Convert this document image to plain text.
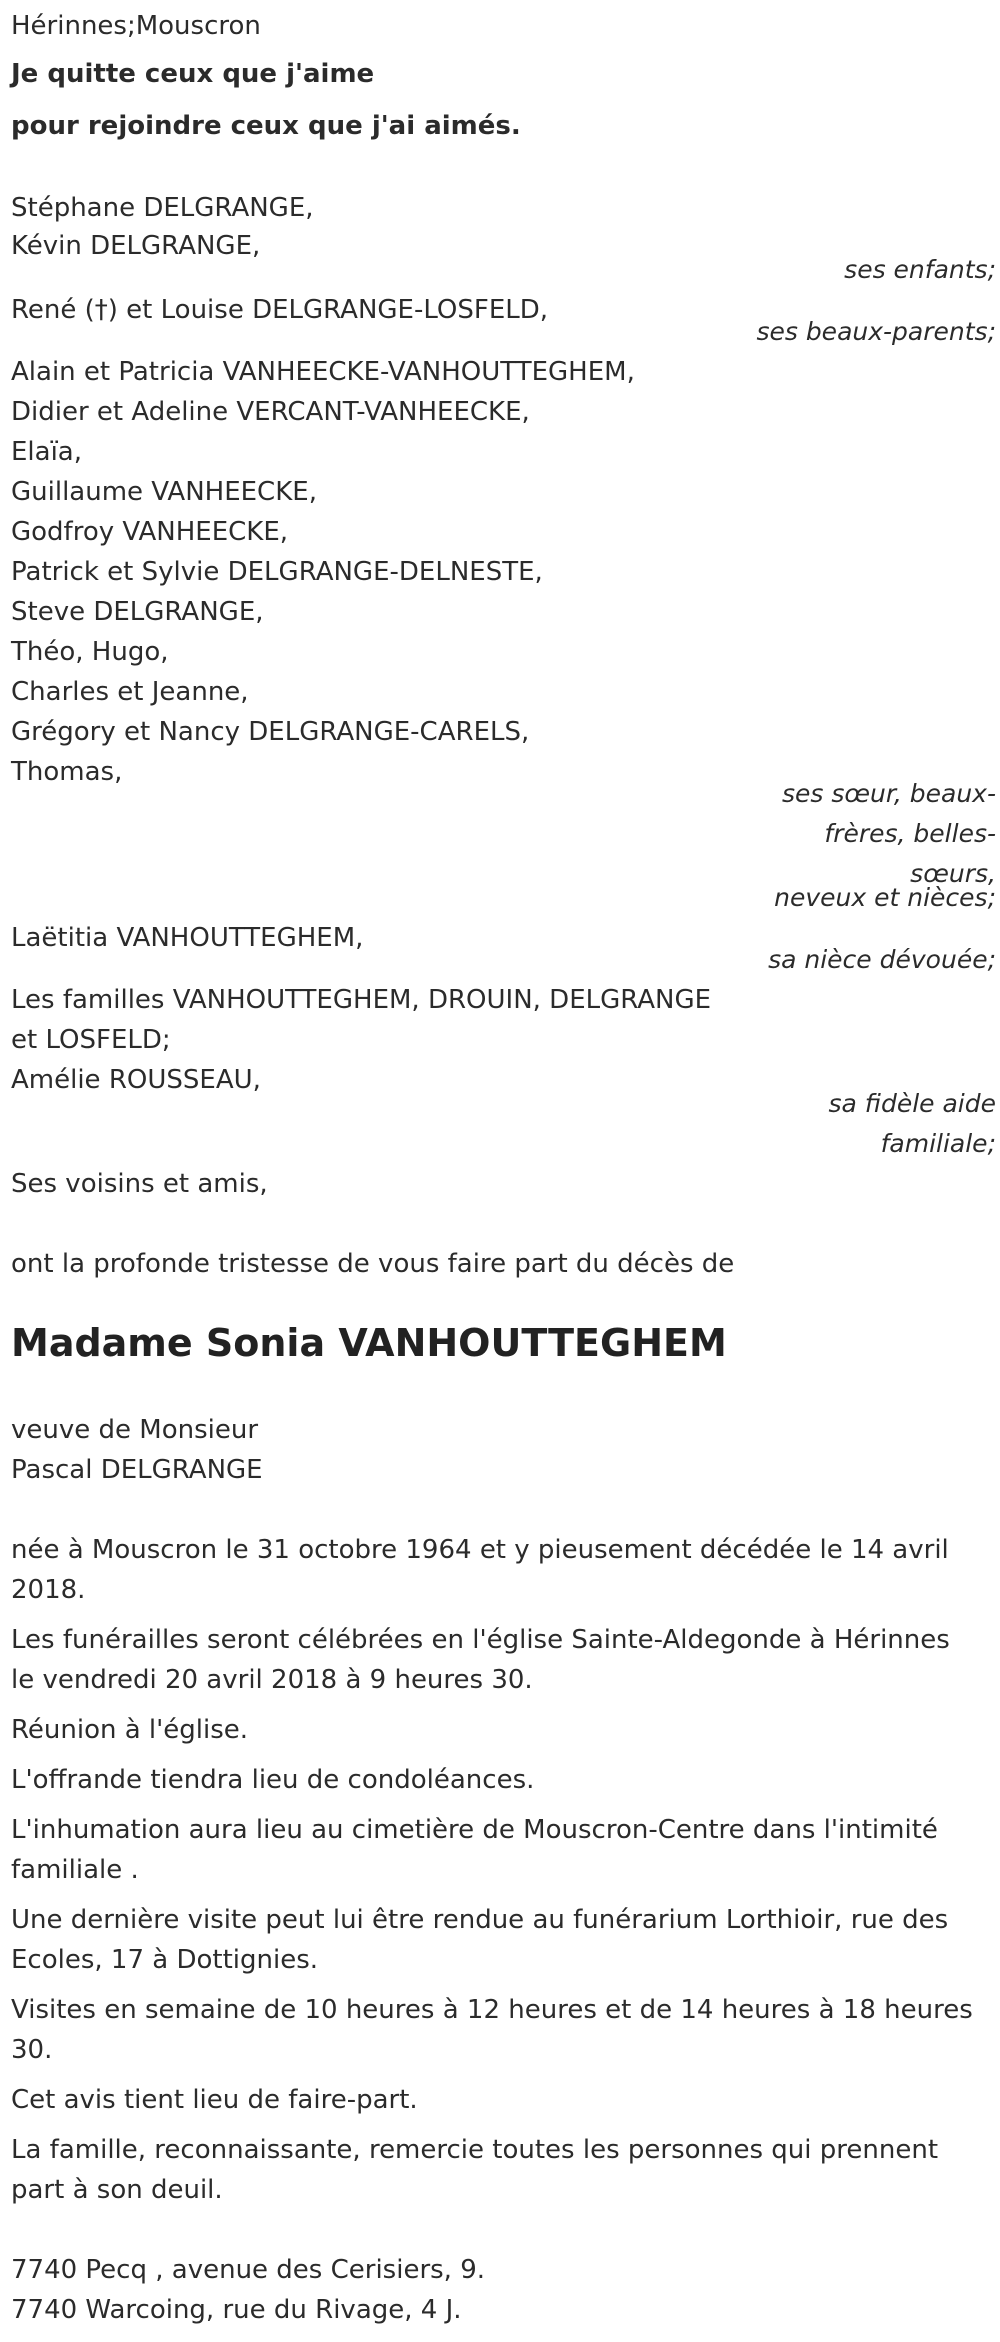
Hérinnes;Mouscron
Je quitte ceux que j'aime
pour rejoindre ceux que j'ai aimés.
Stéphane DELGRANGE,
Kévin DELGRANGE,
ses enfants;
René (†) et Louise DELGRANGE-LOSFELD,
ses beaux-parents;
Alain et Patricia VANHEECKE-VANHOUTTEGHEM,
Didier et Adeline VERCANT-VANHEECKE,
Elaïa,
Guillaume VANHEECKE,
Godfroy VANHEECKE,
Patrick et Sylvie DELGRANGE-DELNESTE,
Steve DELGRANGE,
Théo, Hugo,
Charles et Jeanne,
Grégory et Nancy DELGRANGE-CARELS,
Thomas,
ses sœur, beaux-
frères, belles-
sœurs,
neveux et nièces;
Laëtitia VANHOUTTEGHEM,
sa nièce dévouée;
Les familles VANHOUTTEGHEM, DROUIN, DELGRANGE
et LOSFELD;
Amélie ROUSSEAU,
sa fidèle aide
familiale;
Ses voisins et amis,
ont la profonde tristesse de vous faire part du décès de
Madame Sonia VANHOUTTEGHEM
veuve de Monsieur
Pascal DELGRANGE
née à Mouscron le 31 octobre 1964 et y pieusement décédée le 14 avril
2018.
Les funérailles seront célébrées en l'église Sainte-Aldegonde à Hérinnes
le vendredi 20 avril 2018 à 9 heures 30.
Réunion à l'église.
L'offrande tiendra lieu de condoléances.
L'inhumation aura lieu au cimetière de Mouscron-Centre dans l'intimité
familiale .
Une dernière visite peut lui être rendue au funérarium Lorthioir, rue des
Ecoles, 17 à Dottignies.
Visites en semaine de 10 heures à 12 heures et de 14 heures à 18 heures
30.
Cet avis tient lieu de faire-part.
La famille, reconnaissante, remercie toutes les personnes qui prennent
part à son deuil.
7740 Pecq , avenue des Cerisiers, 9.
7740 Warcoing, rue du Rivage, 4 J.
